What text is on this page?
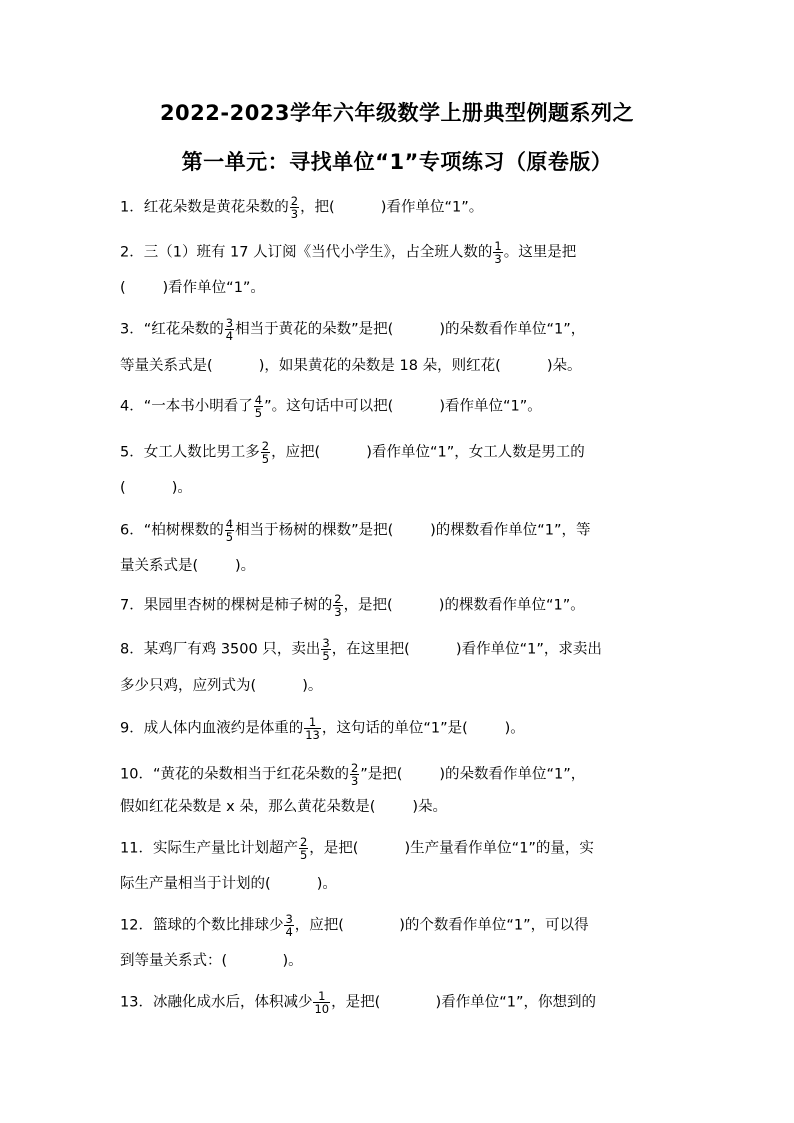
2022-2023学年六年级数学上册典型例题系列之
第一单元：寻找单位“1”专项练习（原卷版）
1．红花朵数是黄花朵数的 $\frac{2}{3}$ ，把(          )看作单位“1”。
2．三（1）班有 17 人订阅《当代小学生》，占全班人数的 $\frac{1}{3}$ 。这里是把
(        )看作单位“1”。
3．“红花朵数的 $\frac{3}{4}$ 相当于黄花的朵数”是把(          )的朵数看作单位“1”，
等量关系式是(          )，如果黄花的朵数是 18 朵，则红花(          )朵。
4．“一本书小明看了 $\frac{4}{5}$ ”。这句话中可以把(          )看作单位“1”。
5．女工人数比男工多 $\frac{2}{5}$ ，应把(          )看作单位“1”，女工人数是男工的
(          )。
6．“柏树棵数的 $\frac{4}{5}$ 相当于杨树的棵数”是把(        )的棵数看作单位“1”，等
量关系式是(        )。
7．果园里杏树的棵树是柿子树的 $\frac{2}{3}$ ，是把(          )的棵数看作单位“1”。
8．某鸡厂有鸡 3500 只，卖出 $\frac{3}{5}$ ，在这里把(          )看作单位“1”，求卖出
多少只鸡，应列式为(          )。
9．成人体内血液约是体重的 $\frac{1}{13}$ ，这句话的单位“1”是(        )。
10．“黄花的朵数相当于红花朵数的 $\frac{2}{3}$ ”是把(        )的朵数看作单位“1”，
假如红花朵数是 x 朵，那么黄花朵数是(        )朵。
11．实际生产量比计划超产 $\frac{2}{5}$ ，是把(          )生产量看作单位“1”的量，实
际生产量相当于计划的(          )。
12．篮球的个数比排球少 $\frac{3}{4}$ ，应把(            )的个数看作单位“1”，可以得
到等量关系式：(            )。
13．冰融化成水后，体积减少 $\frac{1}{10}$ ，是把(            )看作单位“1”，你想到的
